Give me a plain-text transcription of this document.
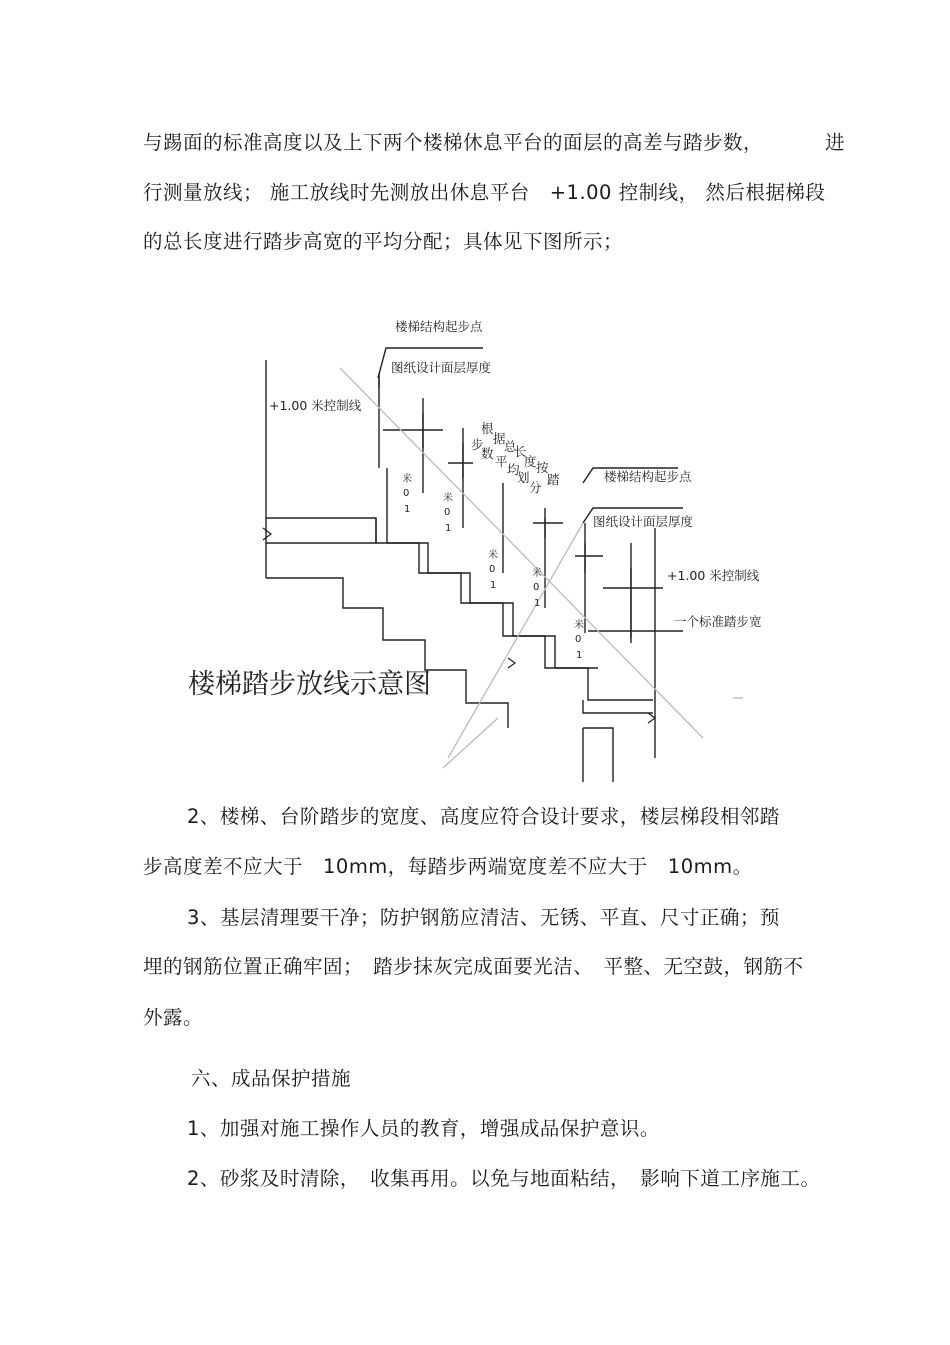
与踢面的标准高度以及上下两个楼梯休息平台的面层的高差与踏步数，	进
行测量放线； 施工放线时先测放出休息平台　+1.00 控制线， 然后根据梯段
的总长度进行踏步高宽的平均分配；具体见下图所示；
楼梯结构起步点
图纸设计面层厚度
+1.00 米控制线
根
据
步 总
数 长
平 度
均 按
划 踏
分
楼梯结构起步点
图纸设计面层厚度
+1.00 米控制线
一个标准踏步宽
米
0
1
米
0
1
米
0
1
米
0
1
米
0
1
楼梯踏步放线示意图
2、楼梯、台阶踏步的宽度、高度应符合设计要求，楼层梯段相邻踏
步高度差不应大于　10mm，每踏步两端宽度差不应大于　10mm。
3、基层清理要干净；防护钢筋应清洁、无锈、平直、尺寸正确；预
埋的钢筋位置正确牢固；　踏步抹灰完成面要光洁、　平整、无空鼓，钢筋不
外露。
六、成品保护措施
1、加强对施工操作人员的教育，增强成品保护意识。
2、砂浆及时清除，　收集再用。以免与地面粘结，　影响下道工序施工。
